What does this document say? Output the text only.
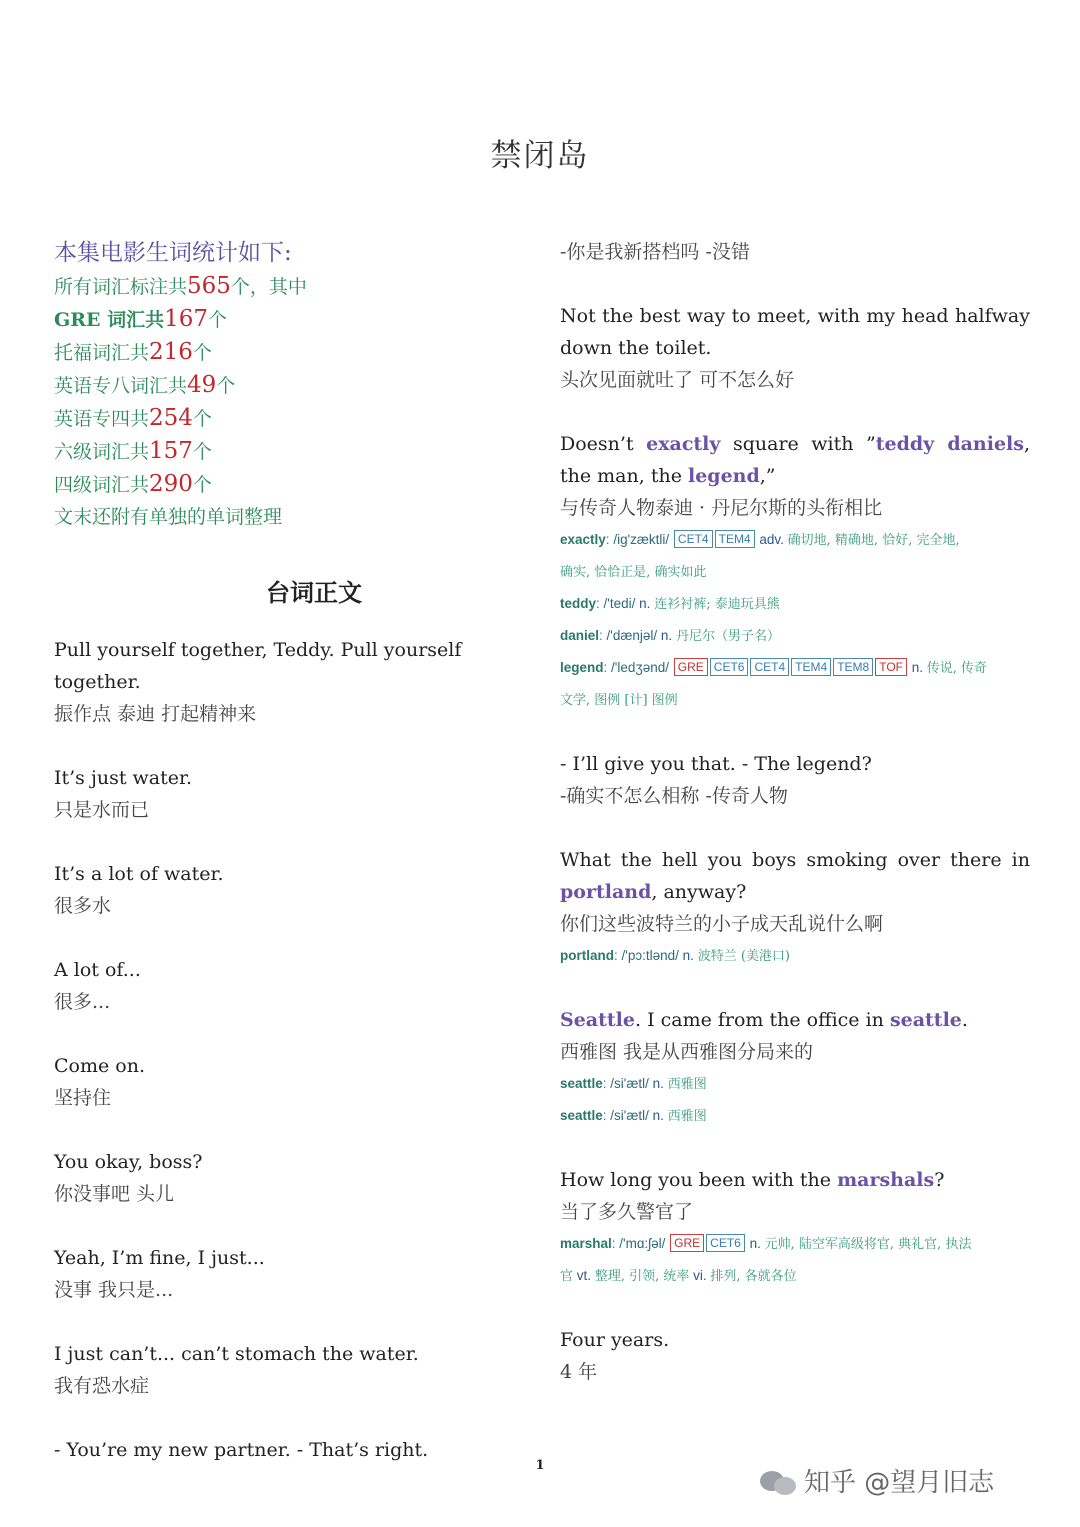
禁闭岛
本集电影生词统计如下:
所有词汇标注共565个，其中
GRE 词汇共167个
托福词汇共216个
英语专八词汇共49个
英语专四共254个
六级词汇共157个
四级词汇共290个
文末还附有单独的单词整理
台词正文
Pull yourself together, Teddy. Pull yourself together.
振作点 泰迪 打起精神来
It’s just water.
只是水而已
It’s a lot of water.
很多水
A lot of...
很多...
Come on.
坚持住
You okay, boss?
你没事吧 头儿
Yeah, I’m fine, I just...
没事 我只是...
I just can’t... can’t stomach the water.
我有恐水症
- You’re my new partner. - That’s right.
-你是我新搭档吗 -没错
Not the best way to meet, with my head halfway down the toilet.
头次见面就吐了 可不怎么好
Doesn’t exactly square with ”teddy daniels,
the man, the legend,”
与传奇人物泰迪 · 丹尼尔斯的头衔相比
exactly: /ig'zæktli/ CET4 TEM4 adv. 确切地, 精确地, 恰好, 完全地,
确实, 恰恰正是, 确实如此
teddy: /'tedi/ n. 连衫衬裤; 泰迪玩具熊
daniel: /'dænjəl/ n. 丹尼尔（男子名）
legend: /'ledʒənd/ GRE CET6 CET4 TEM4 TEM8 TOF n. 传说, 传奇
文学, 图例 [计] 图例
- I’ll give you that. - The legend?
-确实不怎么相称 -传奇人物
What the hell you boys smoking over there in
portland, anyway?
你们这些波特兰的小子成天乱说什么啊
portland: /'pɔ:tlənd/ n. 波特兰 (美港口)
Seattle. I came from the office in seattle.
西雅图 我是从西雅图分局来的
seattle: /si'ætl/ n. 西雅图
seattle: /si'ætl/ n. 西雅图
How long you been with the marshals?
当了多久警官了
marshal: /'mɑ:ʃəl/ GRE CET6 n. 元帅, 陆空军高级将官, 典礼官, 执法
官 vt. 整理, 引领, 统率 vi. 排列, 各就各位
Four years.
4 年
1
知乎 @望月旧志
